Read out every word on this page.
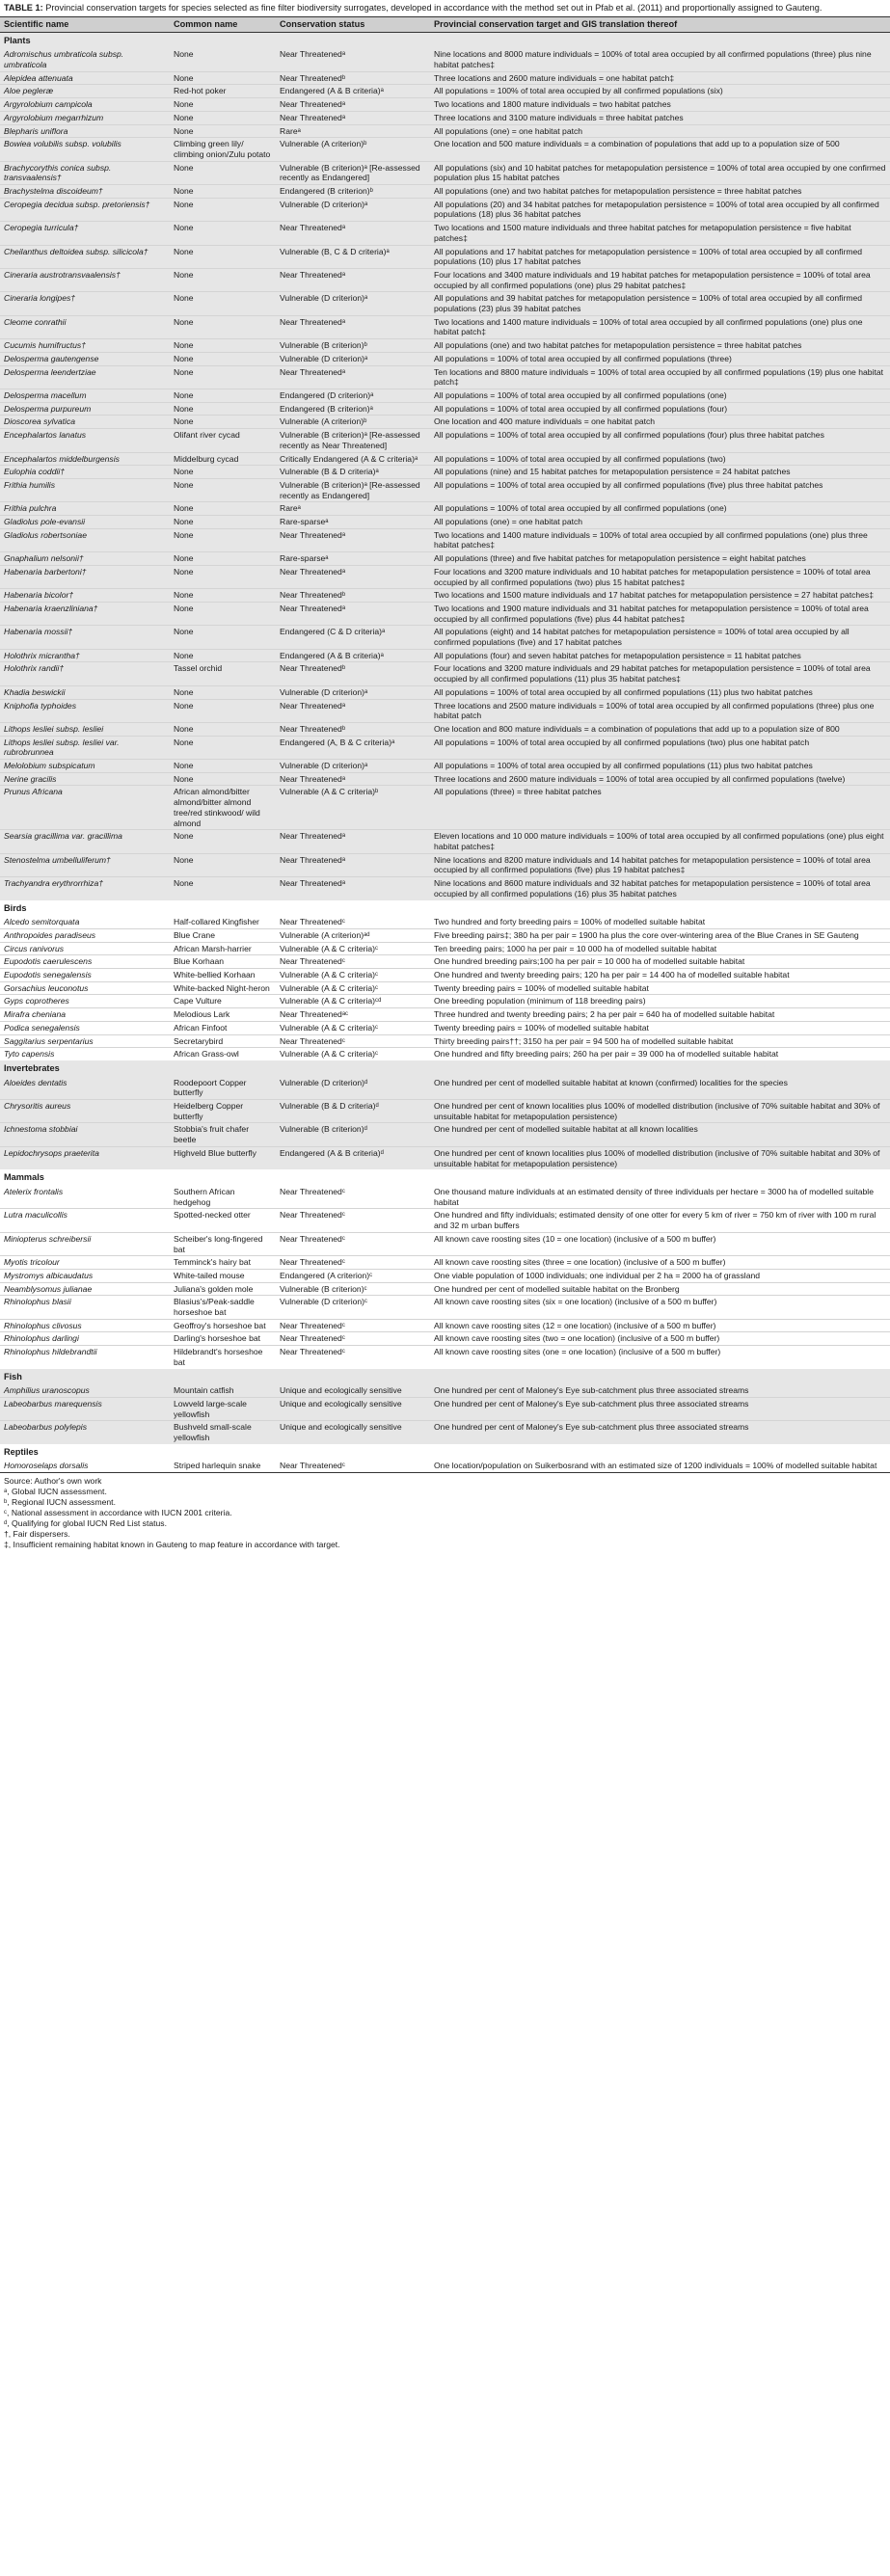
TABLE 1: Provincial conservation targets for species selected as fine filter biodiversity surrogates, developed in accordance with the method set out in Pfab et al. (2011) and proportionally assigned to Gauteng.
Scientific name	Common name	Conservation status	Provincial conservation target and GIS translation thereof
Plants			
Adromischus umbraticola subsp. umbraticola	None	Near Threatenedᵃ	Nine locations and 8000 mature individuals = 100% of total area occupied by all confirmed populations (three) plus nine habitat patches‡
Alepidea attenuata	None	Near Threatenedᵇ	Three locations and 2600 mature individuals = one habitat patch‡
Aloe pegleræ	Red-hot poker	Endangered (A & B criteria)ᵃ	All populations = 100% of total area occupied by all confirmed populations (six)
Argyrolobium campicola	None	Near Threatenedᵃ	Two locations and 1800 mature individuals = two habitat patches
Argyrolobium megarrhizum	None	Near Threatenedᵃ	Three locations and 3100 mature individuals = three habitat patches
Blepharis uniflora	None	Rareᵃ	All populations (one) = one habitat patch
Bowiea volubilis subsp. volubilis	Climbing green lily/ climbing onion/Zulu potato	Vulnerable (A criterion)ᵇ	One location and 500 mature individuals = a combination of populations that add up to a population size of 500
Brachycorythis conica subsp. transvaalensis†	None	Vulnerable (B criterion)ᵃ [Re-assessed recently as Endangered]	All populations (six) and 10 habitat patches for metapopulation persistence = 100% of total area occupied by one confirmed population plus 15 habitat patches
Brachystelma discoideum†	None	Endangered (B criterion)ᵇ	All populations (one) and two habitat patches for metapopulation persistence = three habitat patches
Ceropegia decidua subsp. pretoriensis†	None	Vulnerable (D criterion)ᵃ	All populations (20) and 34 habitat patches for metapopulation persistence = 100% of total area occupied by all confirmed populations (18) plus 36 habitat patches
Ceropegia turricula†	None	Near Threatenedᵃ	Two locations and 1500 mature individuals and three habitat patches for metapopulation persistence = five habitat patches‡
Cheilanthus deltoidea subsp. silicicola†	None	Vulnerable (B, C & D criteria)ᵃ	All populations and 17 habitat patches for metapopulation persistence = 100% of total area occupied by all confirmed populations (10) plus 17 habitat patches
Cineraria austrotransvaalensis†	None	Near Threatenedᵃ	Four locations and 3400 mature individuals and 19 habitat patches for metapopulation persistence = 100% of total area occupied by all confirmed populations (one) plus 29 habitat patches‡
Cineraria longipes†	None	Vulnerable (D criterion)ᵃ	All populations and 39 habitat patches for metapopulation persistence = 100% of total area occupied by all confirmed populations (23) plus 39 habitat patches
Cleome conrathii	None	Near Threatenedᵃ	Two locations and 1400 mature individuals = 100% of total area occupied by all confirmed populations (one) plus one habitat patch‡
Cucumis humifructus†	None	Vulnerable (B criterion)ᵇ	All populations (one) and two habitat patches for metapopulation persistence = three habitat patches
Delosperma gautengense	None	Vulnerable (D criterion)ᵃ	All populations = 100% of total area occupied by all confirmed populations (three)
Delosperma leendertziae	None	Near Threatenedᵃ	Ten locations and 8800 mature individuals = 100% of total area occupied by all confirmed populations (19) plus one habitat patch‡
Delosperma macellum	None	Endangered (D criterion)ᵃ	All populations = 100% of total area occupied by all confirmed populations (one)
Delosperma purpureum	None	Endangered (B criterion)ᵃ	All populations = 100% of total area occupied by all confirmed populations (four)
Dioscorea sylvatica	None	Vulnerable (A criterion)ᵇ	One location and 400 mature individuals = one habitat patch
Encephalartos lanatus	Olifant river cycad	Vulnerable (B criterion)ᵃ [Re-assessed recently as Near Threatened]	All populations = 100% of total area occupied by all confirmed populations (four) plus three habitat patches
Encephalartos middelburgensis	Middelburg cycad	Critically Endangered (A & C criteria)ᵃ	All populations = 100% of total area occupied by all confirmed populations (two)
Eulophia coddii†	None	Vulnerable (B & D criteria)ᵃ	All populations (nine) and 15 habitat patches for metapopulation persistence = 24 habitat patches
Frithia humilis	None	Vulnerable (B criterion)ᵃ [Re-assessed recently as Endangered]	All populations = 100% of total area occupied by all confirmed populations (five) plus three habitat patches
Frithia pulchra	None	Rareᵃ	All populations = 100% of total area occupied by all confirmed populations (one)
Gladiolus pole-evansii	None	Rare-sparseᵃ	All populations (one) = one habitat patch
Gladiolus robertsoniae	None	Near Threatenedᵃ	Two locations and 1400 mature individuals = 100% of total area occupied by all confirmed populations (one) plus three habitat patches‡
Gnaphalium nelsonii†	None	Rare-sparseᵃ	All populations (three) and five habitat patches for metapopulation persistence = eight habitat patches
Habenaria barbertoni†	None	Near Threatenedᵃ	Four locations and 3200 mature individuals and 10 habitat patches for metapopulation persistence = 100% of total area occupied by all confirmed populations (two) plus 15 habitat patches‡
Habenaria bicolor†	None	Near Threatenedᵇ	Two locations and 1500 mature individuals and 17 habitat patches for metapopulation persistence = 27 habitat patches‡
Habenaria kraenzliniana†	None	Near Threatenedᵃ	Two locations and 1900 mature individuals and 31 habitat patches for metapopulation persistence = 100% of total area occupied by all confirmed populations (five) plus 44 habitat patches‡
Habenaria mossii†	None	Endangered (C & D criteria)ᵃ	All populations (eight) and 14 habitat patches for metapopulation persistence = 100% of total area occupied by all confirmed populations (five) and 17 habitat patches
Holothrix micrantha†	None	Endangered (A & B criteria)ᵃ	All populations (four) and seven habitat patches for metapopulation persistence = 11 habitat patches
Holothrix randii†	Tassel orchid	Near Threatenedᵇ	Four locations and 3200 mature individuals and 29 habitat patches for metapopulation persistence = 100% of total area occupied by all confirmed populations (11) plus 35 habitat patches‡
Khadia beswickii	None	Vulnerable (D criterion)ᵃ	All populations = 100% of total area occupied by all confirmed populations (11) plus two habitat patches
Kniphofia typhoides	None	Near Threatenedᵃ	Three locations and 2500 mature individuals = 100% of total area occupied by all confirmed populations (three) plus one habitat patch
Lithops lesliei subsp. lesliei	None	Near Threatenedᵇ	One location and 800 mature individuals = a combination of populations that add up to a population size of 800
Lithops lesliei subsp. lesliei var. rubrobrunnea	None	Endangered (A, B & C criteria)ᵃ	All populations = 100% of total area occupied by all confirmed populations (two) plus one habitat patch
Melolobium subspicatum	None	Vulnerable (D criterion)ᵃ	All populations = 100% of total area occupied by all confirmed populations (11) plus two habitat patches
Nerine gracilis	None	Near Threatenedᵃ	Three locations and 2600 mature individuals = 100% of total area occupied by all confirmed populations (twelve)
Prunus Africana	African almond/bitter almond/bitter almond tree/red stinkwood/ wild almond	Vulnerable (A & C criteria)ᵇ	All populations (three) = three habitat patches
Searsia gracillima var. gracillima	None	Near Threatenedᵃ	Eleven locations and 10 000 mature individuals = 100% of total area occupied by all confirmed populations (one) plus eight habitat patches‡
Stenostelma umbelluliferum†	None	Near Threatenedᵃ	Nine locations and 8200 mature individuals and 14 habitat patches for metapopulation persistence = 100% of total area occupied by all confirmed populations (five) plus 19 habitat patches‡
Trachyandra erythrorrhiza†	None	Near Threatenedᵃ	Nine locations and 8600 mature individuals and 32 habitat patches for metapopulation persistence = 100% of total area occupied by all confirmed populations (16) plus 35 habitat patches
Birds			
Alcedo semitorquata	Half-collared Kingfisher	Near Threatenedᶜ	Two hundred and forty breeding pairs = 100% of modelled suitable habitat
Anthropoides paradiseus	Blue Crane	Vulnerable (A criterion)ᵃᵈ	Five breeding pairs‡; 380 ha per pair = 1900 ha plus the core over-wintering area of the Blue Cranes in SE Gauteng
Circus ranivorus	African Marsh-harrier	Vulnerable (A & C criteria)ᶜ	Ten breeding pairs; 1000 ha per pair = 10 000 ha of modelled suitable habitat
Eupodotis caerulescens	Blue Korhaan	Near Threatenedᶜ	One hundred breeding pairs;100 ha per pair = 10 000 ha of modelled suitable habitat
Eupodotis senegalensis	White-bellied Korhaan	Vulnerable (A & C criteria)ᶜ	One hundred and twenty breeding pairs; 120 ha per pair = 14 400 ha of modelled suitable habitat
Gorsachius leuconotus	White-backed Night-heron	Vulnerable (A & C criteria)ᶜ	Twenty breeding pairs = 100% of modelled suitable habitat
Gyps coprotheres	Cape Vulture	Vulnerable (A & C criteria)ᶜᵈ	One breeding population (minimum of 118 breeding pairs)
Mirafra cheniana	Melodious Lark	Near Threatenedᵃᶜ	Three hundred and twenty breeding pairs; 2 ha per pair = 640 ha of modelled suitable habitat
Podica senegalensis	African Finfoot	Vulnerable (A & C criteria)ᶜ	Twenty breeding pairs = 100% of modelled suitable habitat
Saggitarius serpentarius	Secretarybird	Near Threatenedᶜ	Thirty breeding pairs††; 3150 ha per pair = 94 500 ha of modelled suitable habitat
Tyto capensis	African Grass-owl	Vulnerable (A & C criteria)ᶜ	One hundred and fifty breeding pairs; 260 ha per pair = 39 000 ha of modelled suitable habitat
Invertebrates			
Aloeides dentatis	Roodepoort Copper butterfly	Vulnerable (D criterion)ᵈ	One hundred per cent of modelled suitable habitat at known (confirmed) localities for the species
Chrysoritis aureus	Heidelberg Copper butterfly	Vulnerable (B & D criteria)ᵈ	One hundred per cent of known localities plus 100% of modelled distribution (inclusive of 70% suitable habitat and 30% of unsuitable habitat for metapopulation persistence)
Ichnestoma stobbiai	Stobbia's fruit chafer beetle	Vulnerable (B criterion)ᵈ	One hundred per cent of modelled suitable habitat at all known localities
Lepidochrysops praeterita	Highveld Blue butterfly	Endangered (A & B criteria)ᵈ	One hundred per cent of known localities plus 100% of modelled distribution (inclusive of 70% suitable habitat and 30% of unsuitable habitat for metapopulation persistence)
Mammals			
Atelerix frontalis	Southern African hedgehog	Near Threatenedᶜ	One thousand mature individuals at an estimated density of three individuals per hectare = 3000 ha of modelled suitable habitat
Lutra maculicollis	Spotted-necked otter	Near Threatenedᶜ	One hundred and fifty individuals; estimated density of one otter for every 5 km of river = 750 km of river with 100 m rural and 32 m urban buffers
Miniopterus schreibersii	Scheiber's long-fingered bat	Near Threatenedᶜ	All known cave roosting sites (10 = one location) (inclusive of a 500 m buffer)
Myotis tricolour	Temminck's hairy bat	Near Threatenedᶜ	All known cave roosting sites (three = one location) (inclusive of a 500 m buffer)
Mystromys albicaudatus	White-tailed mouse	Endangered (A criterion)ᶜ	One viable population of 1000 individuals; one individual per 2 ha = 2000 ha of grassland
Neamblysomus julianae	Juliana's golden mole	Vulnerable (B criterion)ᶜ	One hundred per cent of modelled suitable habitat on the Bronberg
Rhinolophus blasii	Blasius's/Peak-saddle horseshoe bat	Vulnerable (D criterion)ᶜ	All known cave roosting sites (six = one location) (inclusive of a 500 m buffer)
Rhinolophus clivosus	Geoffroy's horseshoe bat	Near Threatenedᶜ	All known cave roosting sites (12 = one location) (inclusive of a 500 m buffer)
Rhinolophus darlingi	Darling's horseshoe bat	Near Threatenedᶜ	All known cave roosting sites (two = one location) (inclusive of a 500 m buffer)
Rhinolophus hildebrandtii	Hildebrandt's horseshoe bat	Near Threatenedᶜ	All known cave roosting sites (one = one location) (inclusive of a 500 m buffer)
Fish			
Amphilius uranoscopus	Mountain catfish	Unique and ecologically sensitive	One hundred per cent of Maloney's Eye sub-catchment plus three associated streams
Labeobarbus marequensis	Lowveld large-scale yellowfish	Unique and ecologically sensitive	One hundred per cent of Maloney's Eye sub-catchment plus three associated streams
Labeobarbus polylepis	Bushveld small-scale yellowfish	Unique and ecologically sensitive	One hundred per cent of Maloney's Eye sub-catchment plus three associated streams
Reptiles			
Homoroselaps dorsalis	Striped harlequin snake	Near Threatenedᶜ	One location/population on Suikerbosrand with an estimated size of 1200 individuals = 100% of modelled suitable habitat
Source: Author's own work
ᵃ, Global IUCN assessment.
ᵇ, Regional IUCN assessment.
ᶜ, National assessment in accordance with IUCN 2001 criteria.
ᵈ, Qualifying for global IUCN Red List status.
†, Fair dispersers.
‡, Insufficient remaining habitat known in Gauteng to map feature in accordance with target.
